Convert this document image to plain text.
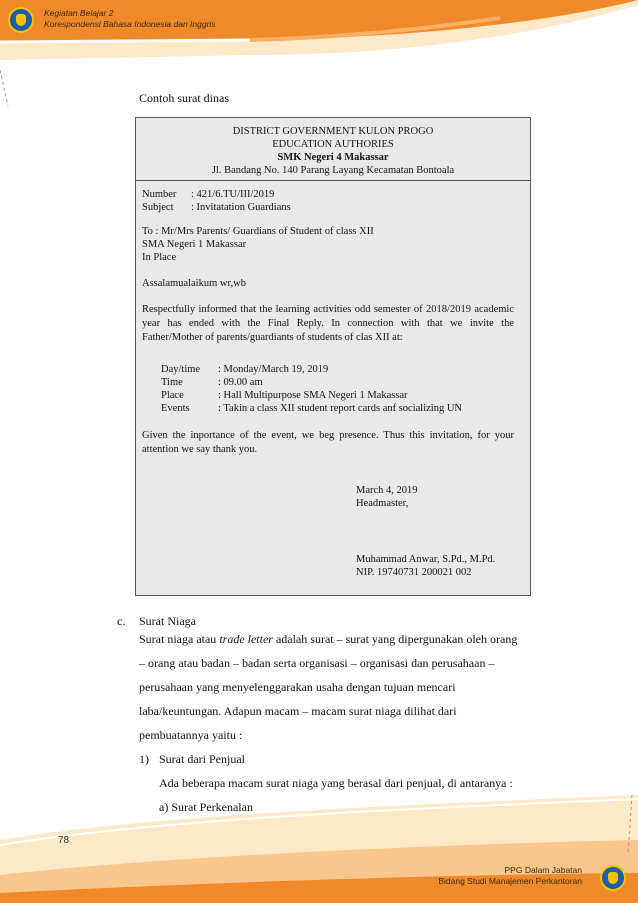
Kegiatan Belajar 2
Korespondensi Bahasa Indonesia dan Inggris
Contoh surat dinas
DISTRICT GOVERNMENT KULON PROGO
EDUCATION AUTHORIES
SMK Negeri 4 Makassar
Jl. Bandang No. 140 Parang Layang Kecamatan Bontoala
Number : 421/6.TU/III/2019
Subject : Invitatation Guardians
To : Mr/Mrs Parents/ Guardians of Student of class XII
SMA Negeri 1 Makassar
In Place
Assalamualaikum wr,wb
Respectfully informed that the learning activities odd semester of 2018/2019 academic year has ended with the Final Reply. In connection with that we invite the Father/Mother of parents/guardiants of students of clas XII at:
Day/time : Monday/March 19, 2019
Time	: 09.00 am
Place	: Hall Multipurpose SMA Negeri 1 Makassar
Events	: Takin a class XII student report cards anf socializing UN
Given the inportance of the event, we beg presence. Thus this invitation, for your attention we say thank you.
March 4, 2019
Headmaster,
Muhammad Anwar, S.Pd., M.Pd.
NIP. 19740731 200021 002
c. Surat Niaga
Surat niaga atau trade letter adalah surat – surat yang dipergunakan oleh orang
– orang atau badan – badan serta organisasi – organisasi dan perusahaan –
perusahaan yang menyelenggarakan usaha dengan tujuan mencari
laba/keuntungan. Adapun macam – macam surat niaga dilihat dari
pembuatannya yaitu :
1) Surat dari Penjual
Ada beberapa macam surat niaga yang berasal dari penjual, di antaranya :
a) Surat Perkenalan
78
PPG Dalam Jabatan
Bidang Studi Manajemen Perkantoran
